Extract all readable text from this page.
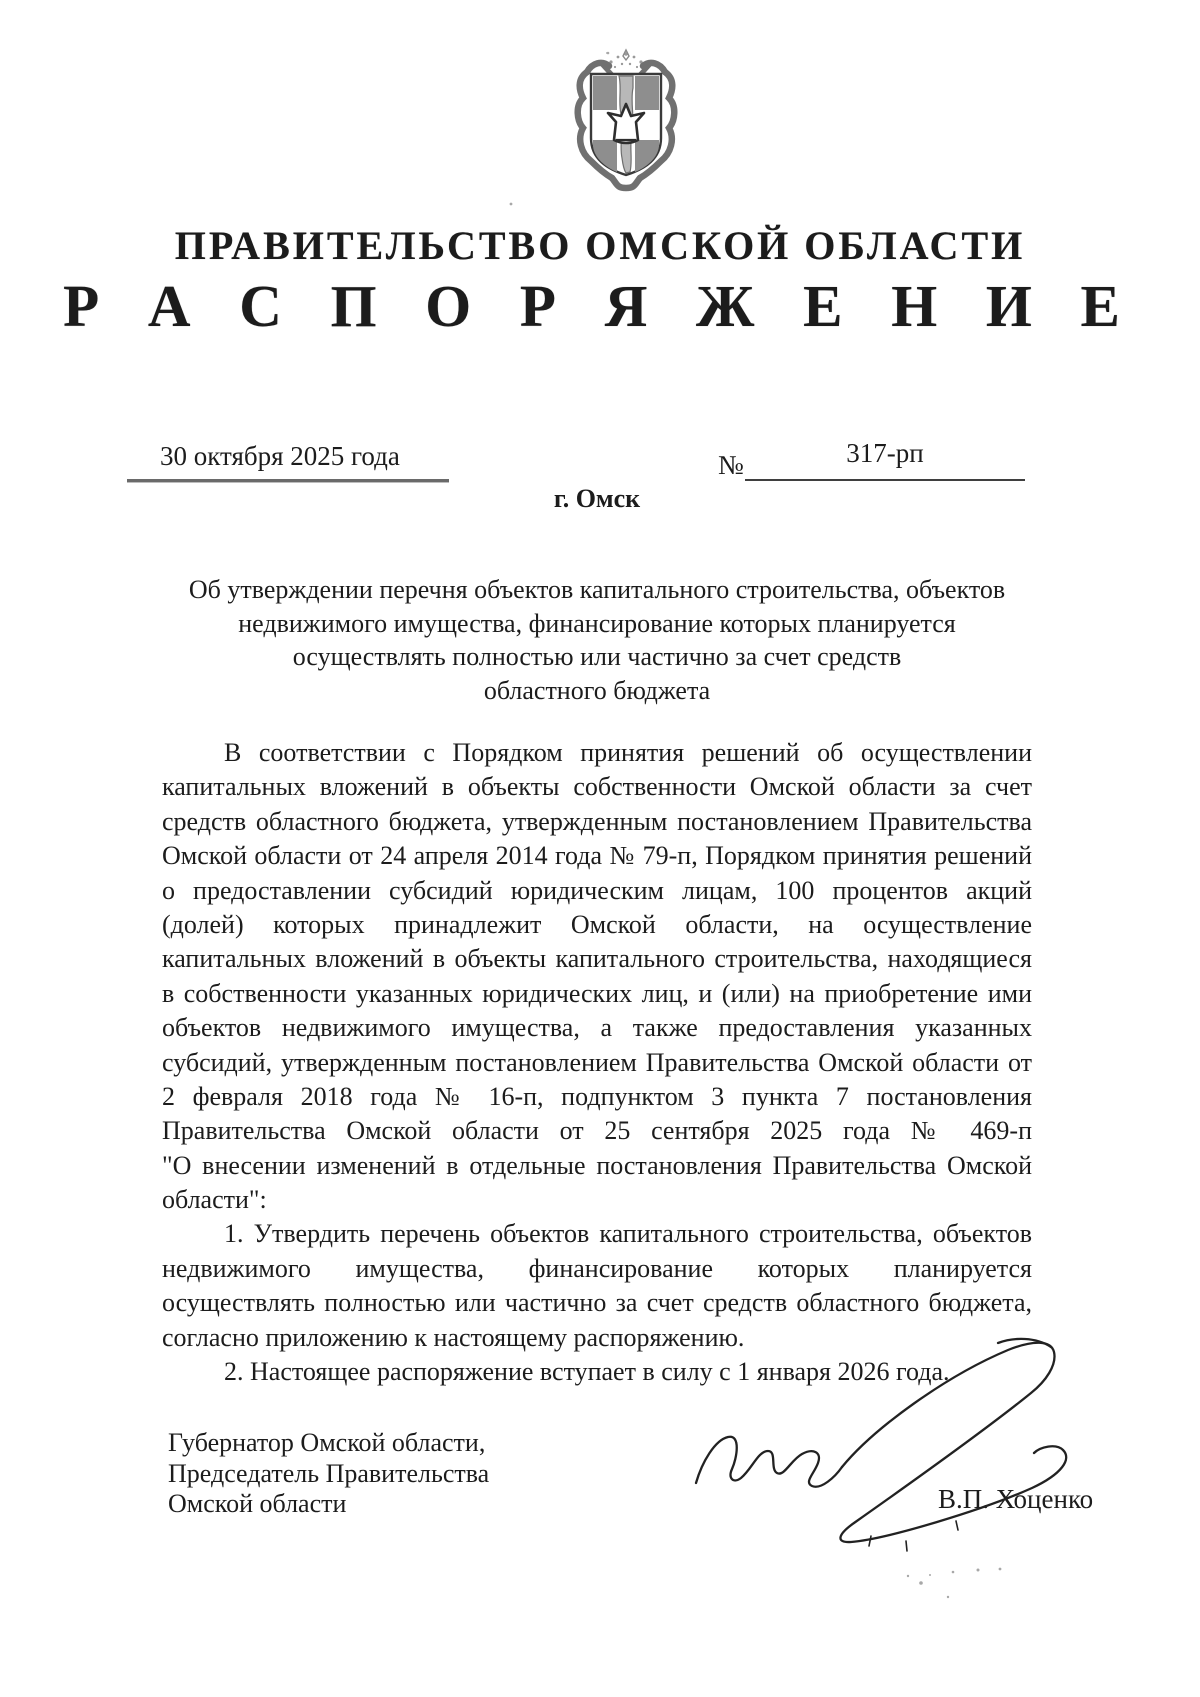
ПРАВИТЕЛЬСТВО ОМСКОЙ ОБЛАСТИ
Р А С П О Р Я Ж Е Н И Е
30 октября 2025 года	№	317-рп
г. Омск
Об утверждении перечня объектов капитального строительства, объектов
недвижимого имущества, финансирование которых планируется
осуществлять полностью или частично за счет средств
областного бюджета
В соответствии с Порядком принятия решений об осуществлении
капитальных вложений в объекты собственности Омской области за счет
средств областного бюджета, утвержденным постановлением Правительства
Омской области от 24 апреля 2014 года № 79-п, Порядком принятия решений
о предоставлении субсидий юридическим лицам, 100 процентов акций
(долей) которых принадлежит Омской области, на осуществление
капитальных вложений в объекты капитального строительства, находящиеся
в собственности указанных юридических лиц, и (или) на приобретение ими
объектов недвижимого имущества, а также предоставления указанных
субсидий, утвержденным постановлением Правительства Омской области от
2 февраля 2018 года № 16-п, подпунктом 3 пункта 7 постановления
Правительства Омской области от 25 сентября 2025 года № 469-п
"О внесении изменений в отдельные постановления Правительства Омской
области":
1. Утвердить перечень объектов капитального строительства, объектов
недвижимого имущества, финансирование которых планируется
осуществлять полностью или частично за счет средств областного бюджета,
согласно приложению к настоящему распоряжению.
2. Настоящее распоряжение вступает в силу с 1 января 2026 года.
Губернатор Омской области,
Председатель Правительства
Омской области	В.П. Хоценко
